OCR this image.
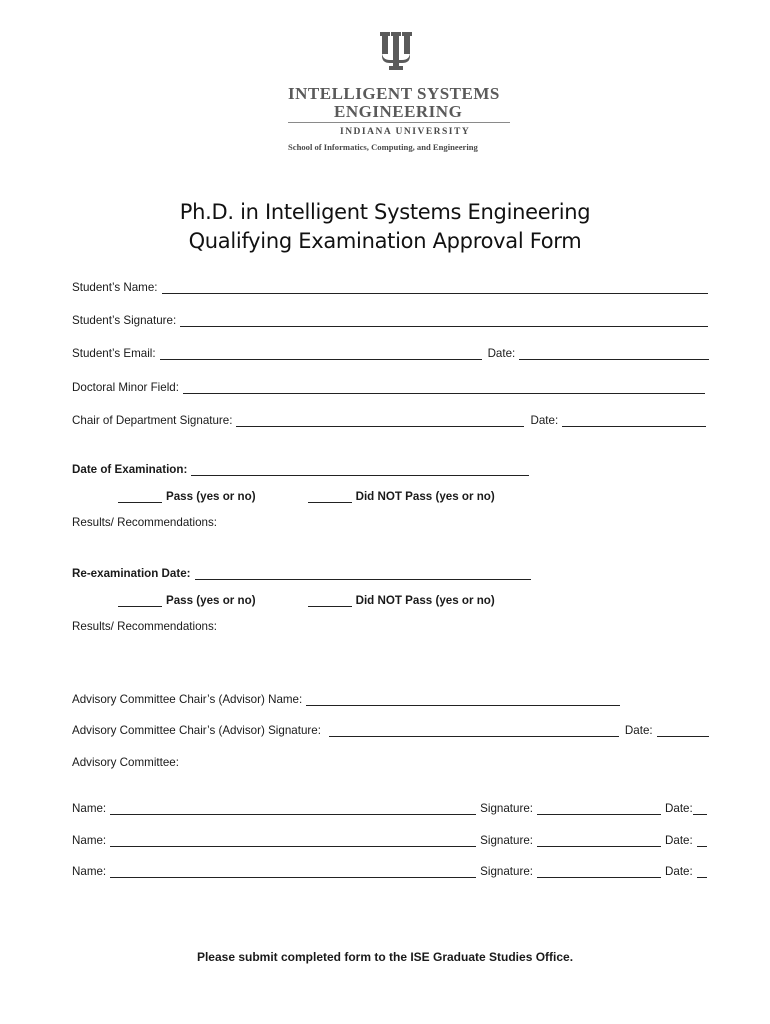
INTELLIGENT SYSTEMS
ENGINEERING
INDIANA UNIVERSITY
School of Informatics, Computing, and Engineering
Ph.D. in Intelligent Systems Engineering
Qualifying Examination Approval Form
Student’s Name:
Student’s Signature:
Student’s Email:	Date:
Doctoral Minor Field:
Chair of Department Signature:	Date:
Date of Examination:
Pass (yes or no)	Did NOT Pass (yes or no)
Results/ Recommendations:
Re-examination Date:
Pass (yes or no)	Did NOT Pass (yes or no)
Results/ Recommendations:
Advisory Committee Chair’s (Advisor) Name:
Advisory Committee Chair’s (Advisor) Signature:	Date:
Advisory Committee:
Name:	Signature:	Date:
Name:	Signature:	Date:
Name:	Signature:	Date:
Please submit completed form to the ISE Graduate Studies Office.
